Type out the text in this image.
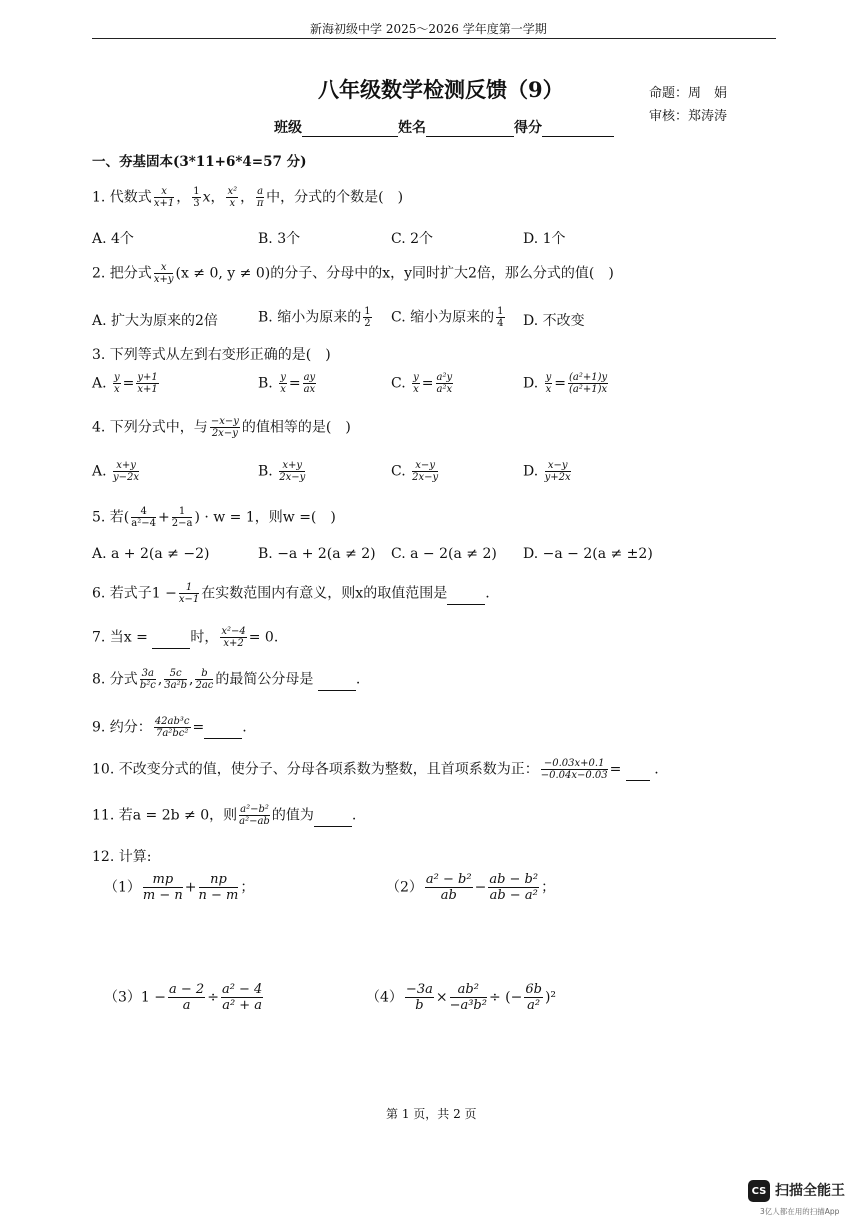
新海初级中学 2025～2026 学年度第一学期
八年级数学检测反馈（9）	命题：周　娟
审核：郑涛涛
班级	姓名	得分
一、夯基固本(3*11+6*4=57 分)
1. 代数式 $\frac{x}{x+1}$ ， $\frac{1}{3}$ x， $\frac{\text{x²}}{x}$ ， $\frac{a}{\pi}$ 中，分式的个数是(　)
A. 4个	B. 3个	C. 2个	D. 1个
2. 把分式 $\frac{x}{x+y} (x \ne 0$, y ≠ 0)的分子、分母中的x，y同时扩大2倍，那么分式的值(　)
A. 扩大为原来的2倍	B. 缩小为原来的 $\frac{1}{2} C$. 缩小为原来的 $\frac{1}{4} D$. 不改变
3. 下列等式从左到右变形正确的是(　)
A. $\frac{y}{x} = \frac{y+1}{x+1}$	B. $\frac{y}{x} = \frac{ay}{ax}$	C. $\frac{y}{x} = \frac{\text{a²y}}{\text{a²x}}$	D. $\frac{y}{x} = \frac{\text{(a²+1)y}}{\text{(a²+1)x}}$
4. 下列分式中，与 $\frac{-x-y}{2x-y}$ 的值相等的是(　)
A. $\frac{x+y}{y-2x}$	B. $\frac{x+y}{2x-y}$	C. $\frac{x-y}{2x-y}$	D. $\frac{x-y}{y+2x}$
5. 若( $\frac{4}{\text{a²−4}} + \frac{1}{2-a}$ ) · w = 1，则w =(　)
A. a + 2(a ≠ −2)	B. −a + 2(a ≠ 2) C. a − 2(a ≠ 2) D. −a − 2(a ≠ ±2)
6. 若式子$1 - \frac{1}{x-1}$ 在实数范围内有意义，则x的取值范围是	.
7. 当x =	时， $\frac{\text{x²−4}}{x+2} = 0$.
8. 分式 $\frac{3a}{\text{b²c}}$ , $\frac{5c}{\text{3a²b}}$ , $\frac{b}{2ac}$ 的最简公分母是	.
9. 约分： $\frac{\text{42ab³c}}{\text{7a²bc²}}$ =	.
10. 不改变分式的值，使分子、分母各项系数为整数，且首项系数为正： $\frac{-0.03x+0.1}{-0.04x-0.03}$ = .
11. 若a = 2b ≠ 0，则 $\frac{\text{a²−b²}}{\text{a²−ab}}$ 的值为	.
12. 计算:
$(1) \frac{mp}{m - n} + \frac{np}{n - m}$ ；	$(2) \frac{\text{a² − b²}}{ab} - \frac{\text{ab − b²}}{\text{ab − a²}}$ ；
$(3)1 - \frac{a - 2}{a} \div \frac{\text{a² − 4}}{\text{a² + a}}$	$(4) \frac{-3a}{b} \times \frac{\text{ab²}}{\text{−a³b²}}$ ÷ (− $\frac{6b}{\text{a²}} )^2$
第 1 页，共 2 页
CS 扫描全能王
3亿人都在用的扫描App
